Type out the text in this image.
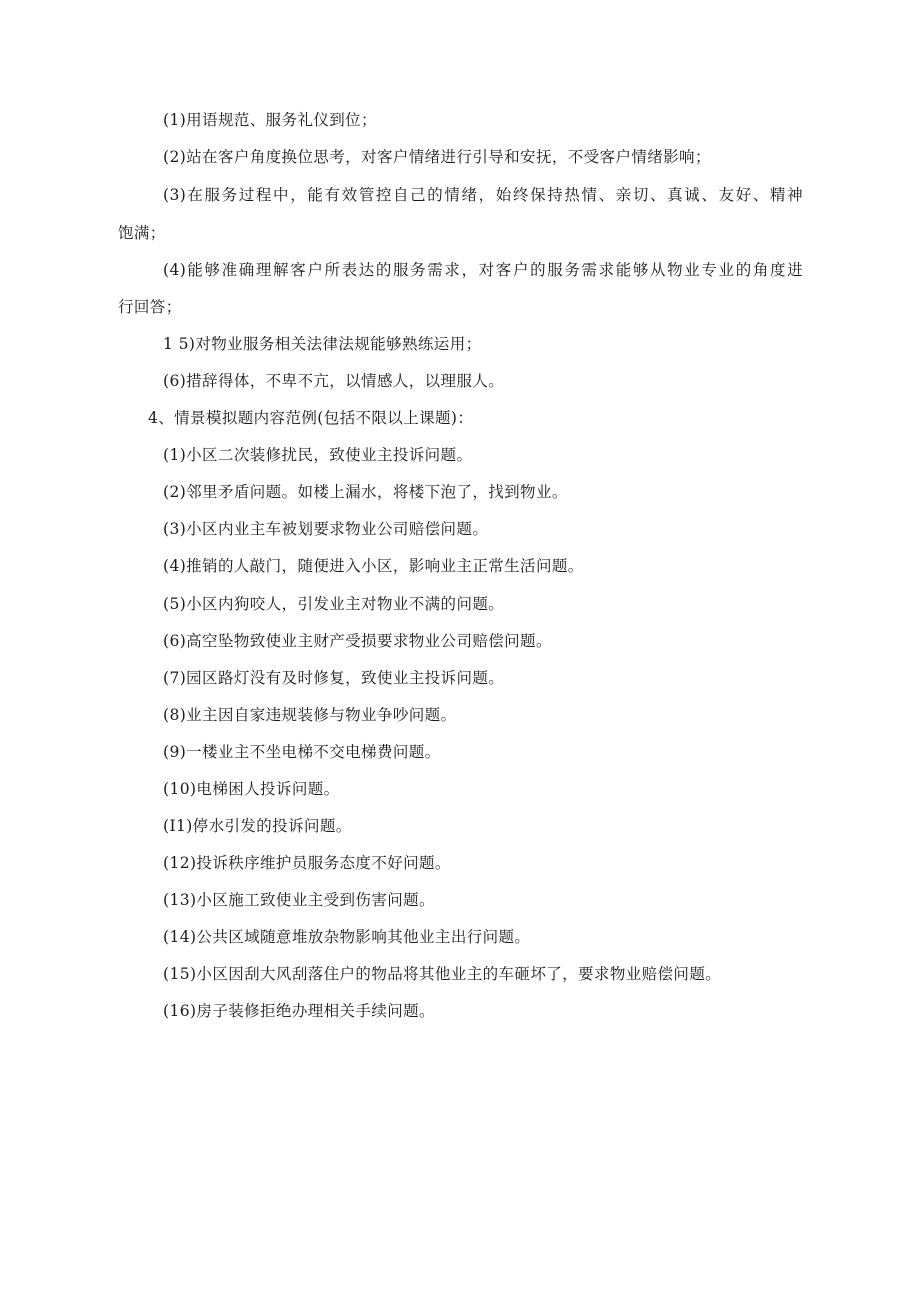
(1)用语规范、服务礼仪到位；
(2)站在客户角度换位思考，对客户情绪进行引导和安抚，不受客户情绪影响；
(3)在服务过程中，能有效管控自己的情绪，始终保持热情、亲切、真诚、友好、精神
饱满；
(4)能够准确理解客户所表达的服务需求，对客户的服务需求能够从物业专业的角度进
行回答；
1 5)对物业服务相关法律法规能够熟练运用；
(6)措辞得体，不卑不亢，以情感人，以理服人。
4、情景模拟题内容范例(包括不限以上课题)：
(1)小区二次装修扰民，致使业主投诉问题。
(2)邻里矛盾问题。如楼上漏水，将楼下泡了，找到物业。
(3)小区内业主车被划要求物业公司赔偿问题。
(4)推销的人敲门，随便进入小区，影响业主正常生活问题。
(5)小区内狗咬人，引发业主对物业不满的问题。
(6)高空坠物致使业主财产受损要求物业公司赔偿问题。
(7)园区路灯没有及时修复，致使业主投诉问题。
(8)业主因自家违规装修与物业争吵问题。
(9)一楼业主不坐电梯不交电梯费问题。
(10)电梯困人投诉问题。
(I1)停水引发的投诉问题。
(12)投诉秩序维护员服务态度不好问题。
(13)小区施工致使业主受到伤害问题。
(14)公共区域随意堆放杂物影响其他业主出行问题。
(15)小区因刮大风刮落住户的物品将其他业主的车砸坏了，要求物业赔偿问题。
(16)房子装修拒绝办理相关手续问题。
